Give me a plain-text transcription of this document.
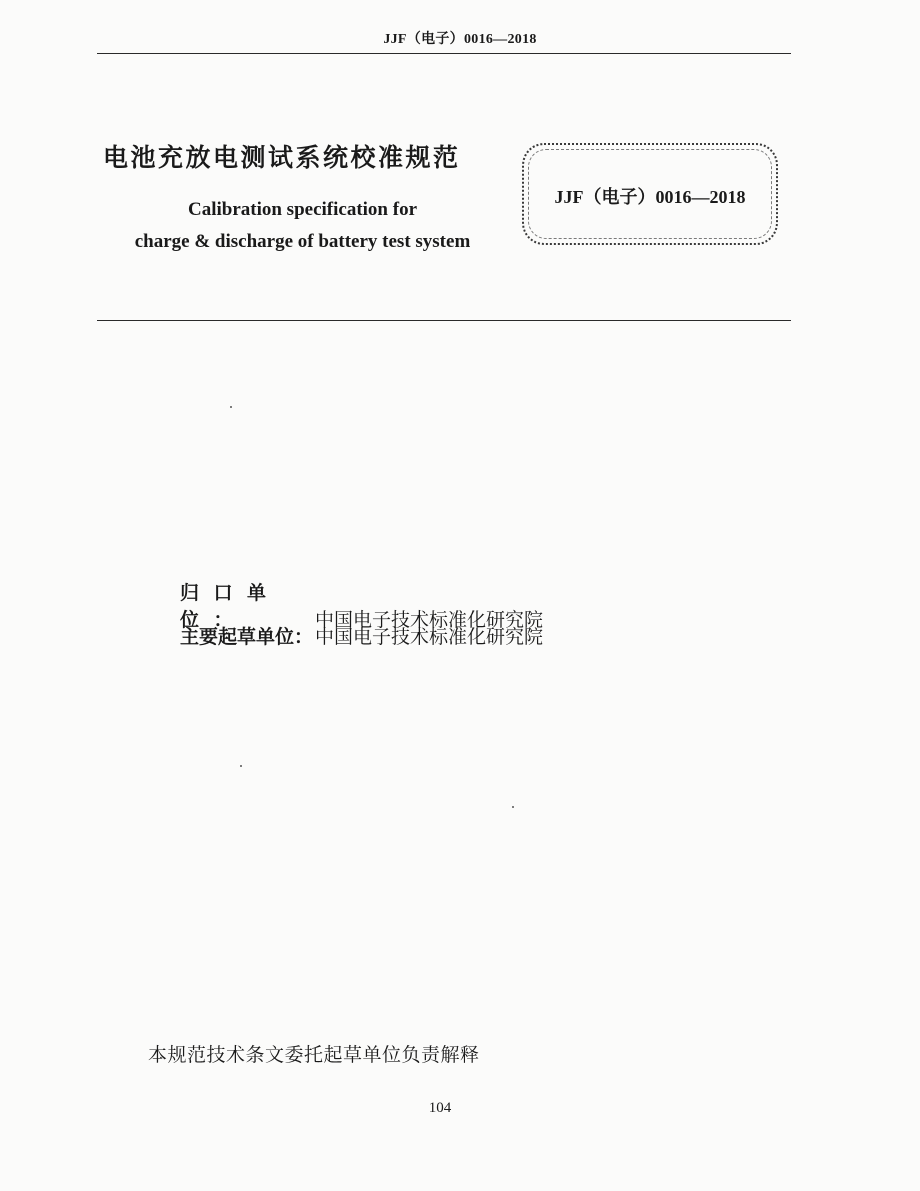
JJF（电子）0016—2018
电池充放电测试系统校准规范
Calibration specification for
charge & discharge of battery test system
JJF（电子）0016—2018
归口单位：	中国电子技术标准化研究院
主要起草单位： 中国电子技术标准化研究院
本规范技术条文委托起草单位负责解释
104
